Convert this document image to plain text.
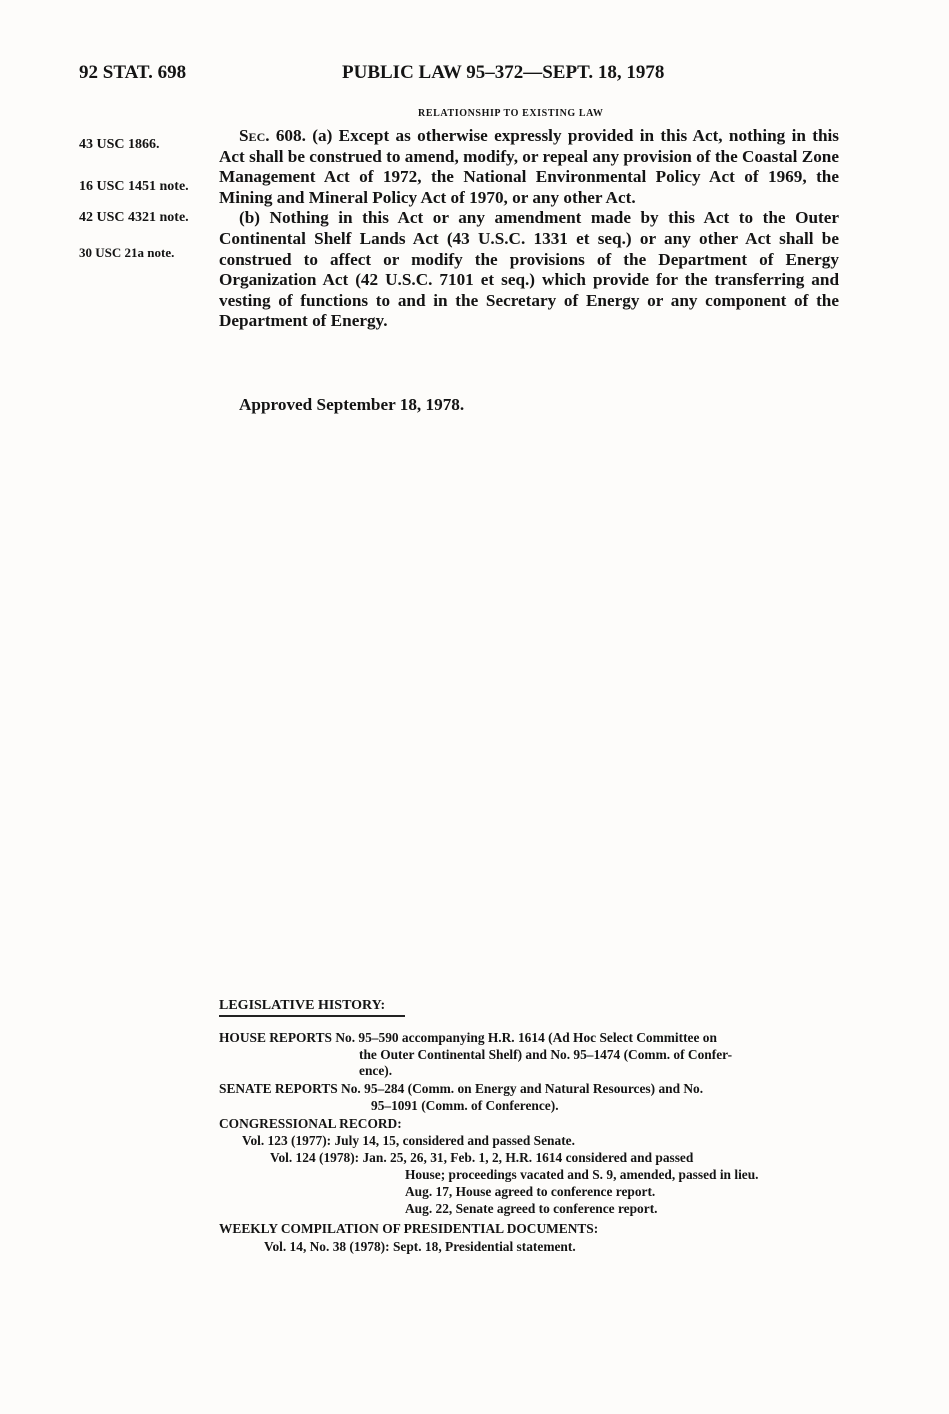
92 STAT. 698	PUBLIC LAW 95–372—SEPT. 18, 1978
RELATIONSHIP TO EXISTING LAW
43 USC 1866.
16 USC 1451 note.
42 USC 4321 note.
30 USC 21a note.

Sec. 608. (a) Except as otherwise expressly provided in this Act, nothing in this Act shall be construed to amend, modify, or repeal any provision of the Coastal Zone Management Act of 1972, the National Environmental Policy Act of 1969, the Mining and Mineral Policy Act of 1970, or any other Act.

(b) Nothing in this Act or any amendment made by this Act to the Outer Continental Shelf Lands Act (43 U.S.C. 1331 et seq.) or any other Act shall be construed to affect or modify the provisions of the Department of Energy Organization Act (42 U.S.C. 7101 et seq.) which provide for the transferring and vesting of functions to and in the Secretary of Energy or any component of the Department of Energy.

Approved September 18, 1978.
LEGISLATIVE HISTORY:
HOUSE REPORTS No. 95–590 accompanying H.R. 1614 (Ad Hoc Select Committee on
the Outer Continental Shelf) and No. 95–1474 (Comm. of Confer-
ence).
SENATE REPORTS No. 95–284 (Comm. on Energy and Natural Resources) and No.
95–1091 (Comm. of Conference).
CONGRESSIONAL RECORD:
Vol. 123 (1977): July 14, 15, considered and passed Senate.
Vol. 124 (1978): Jan. 25, 26, 31, Feb. 1, 2, H.R. 1614 considered and passed
House; proceedings vacated and S. 9, amended, passed in lieu.
Aug. 17, House agreed to conference report.
Aug. 22, Senate agreed to conference report.
WEEKLY COMPILATION OF PRESIDENTIAL DOCUMENTS:
Vol. 14, No. 38 (1978): Sept. 18, Presidential statement.
